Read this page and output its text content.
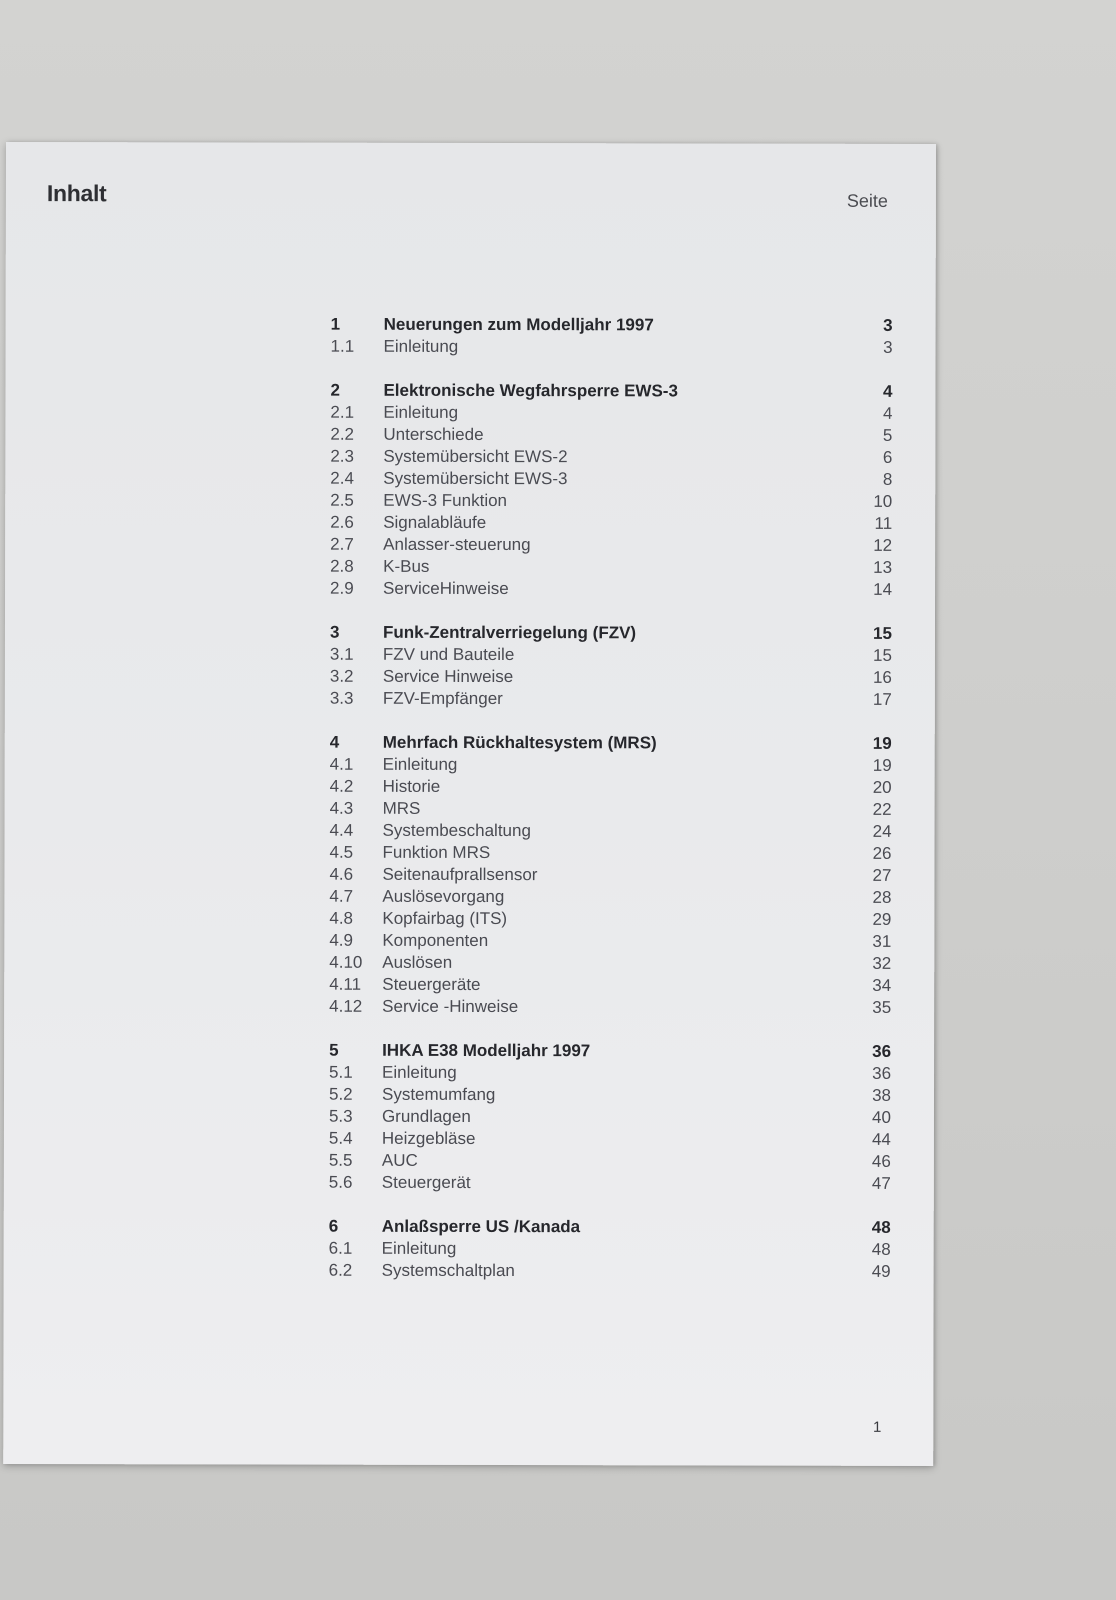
Inhalt	Seite
1	Neuerungen zum Modelljahr 1997	3
1.1	Einleitung	3
2	Elektronische Wegfahrsperre EWS-3	4
2.1	Einleitung	4
2.2	Unterschiede	5
2.3	Systemübersicht EWS-2	6
2.4	Systemübersicht EWS-3	8
2.5	EWS-3 Funktion	10
2.6	Signalabläufe	11
2.7	Anlasser-steuerung	12
2.8	K-Bus	13
2.9	ServiceHinweise	14
3	Funk-Zentralverriegelung (FZV)	15
3.1	FZV und Bauteile	15
3.2	Service Hinweise	16
3.3	FZV-Empfänger	17
4	Mehrfach Rückhaltesystem (MRS)	19
4.1	Einleitung	19
4.2	Historie	20
4.3	MRS	22
4.4	Systembeschaltung	24
4.5	Funktion MRS	26
4.6	Seitenaufprallsensor	27
4.7	Auslösevorgang	28
4.8	Kopfairbag (ITS)	29
4.9	Komponenten	31
4.10	Auslösen	32
4.11	Steuergeräte	34
4.12	Service -Hinweise	35
5	IHKA E38 Modelljahr 1997	36
5.1	Einleitung	36
5.2	Systemumfang	38
5.3	Grundlagen	40
5.4	Heizgebläse	44
5.5	AUC	46
5.6	Steuergerät	47
6	Anlaßsperre US /Kanada	48
6.1	Einleitung	48
6.2	Systemschaltplan	49
1
